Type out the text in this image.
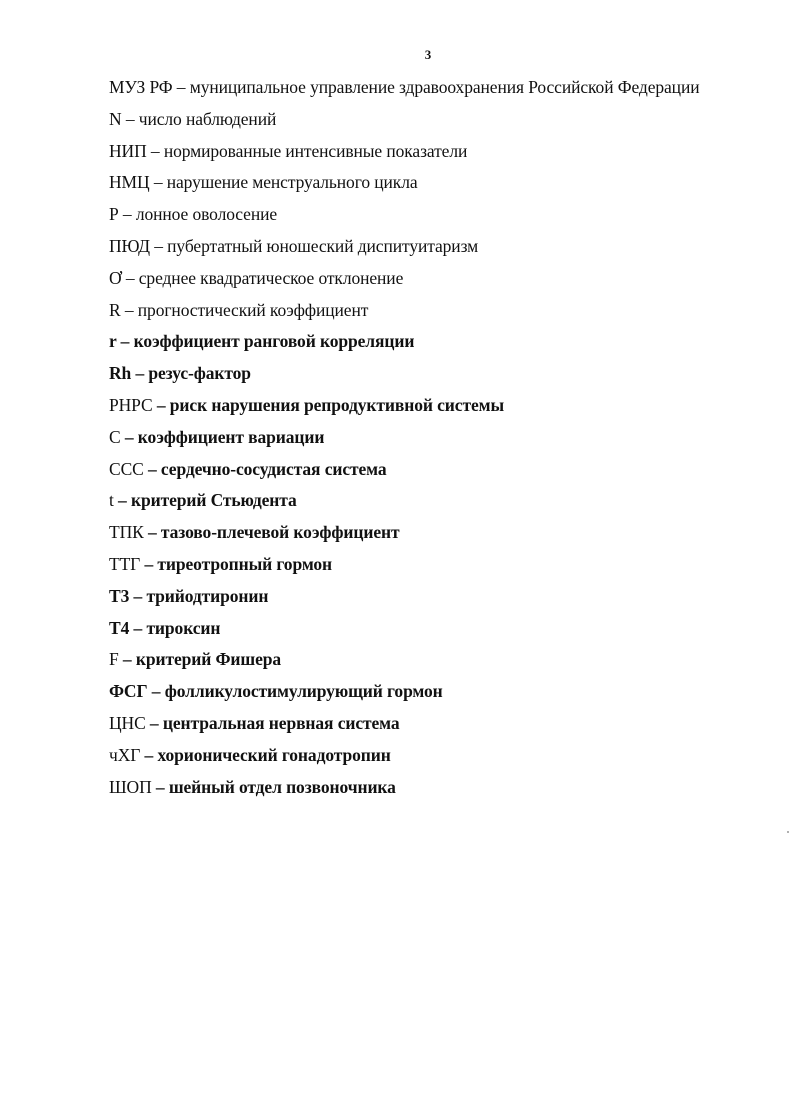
3
МУЗ РФ – муниципальное управление здравоохранения Российской Федерации
N – число наблюдений
НИП – нормированные интенсивные показатели
НМЦ – нарушение менструального цикла
Р – лонное оволосение
ПЮД – пубертатный юношеский диспитуитаризм
Ơ – среднее квадратическое отклонение
R – прогностический коэффициент
r – коэффициент ранговой корреляции
Rh – резус-фактор
РНРС – риск нарушения репродуктивной системы
С – коэффициент вариации
ССС – сердечно-сосудистая система
t – критерий Стьюдента
ТПК – тазово-плечевой коэффициент
ТТГ – тиреотропный гормон
Т3 – трийодтиронин
Т4 – тироксин
F – критерий Фишера
ФСГ – фолликулостимулирующий гормон
ЦНС – центральная нервная система
чХГ – хорионический гонадотропин
ШОП – шейный отдел позвоночника
